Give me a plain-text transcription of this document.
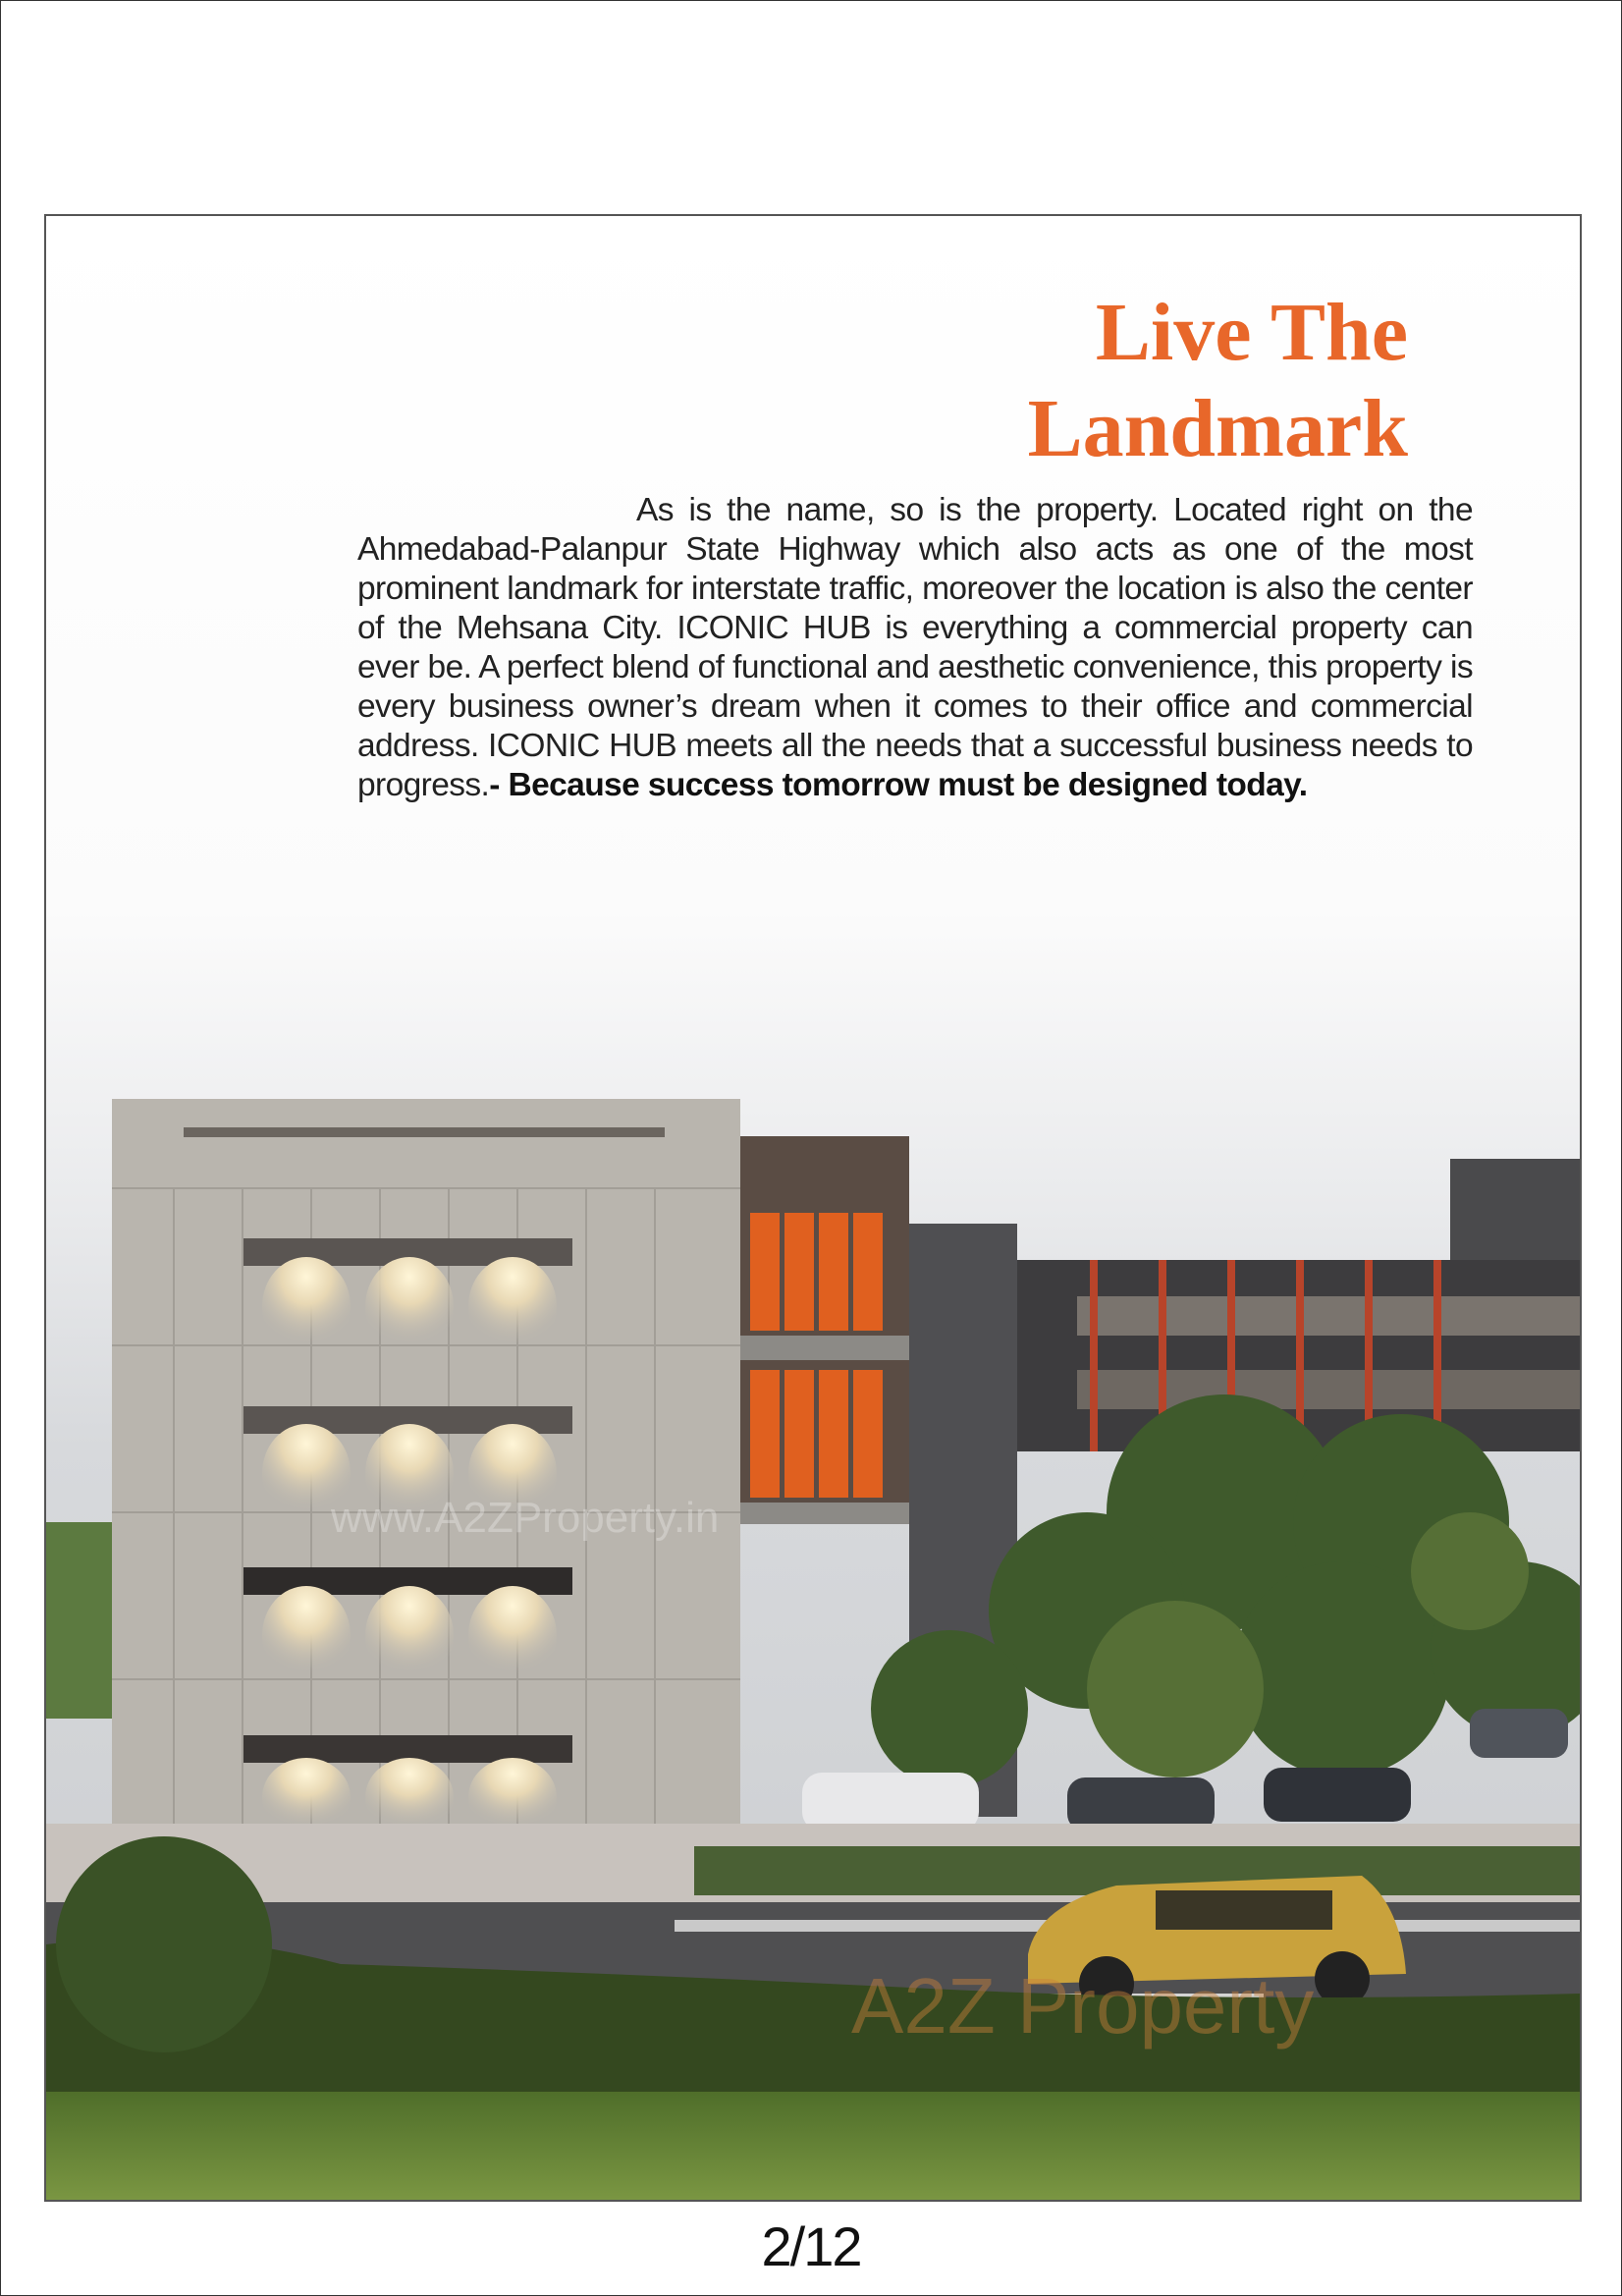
www.A2ZProperty.in
A2Z Property
Live The
Landmark
As is the name, so is the property. Located right on the Ahmedabad-Palanpur State Highway which also acts as one of the most prominent landmark for interstate traffic, moreover the location is also the center of the Mehsana City. ICONIC HUB is everything a commercial property can ever be. A perfect blend of functional and aesthetic convenience, this property is every business owner’s dream when it comes to their office and commercial address. ICONIC HUB meets all the needs that a successful business needs to progress.- Because success tomorrow must be designed today.
2/12
